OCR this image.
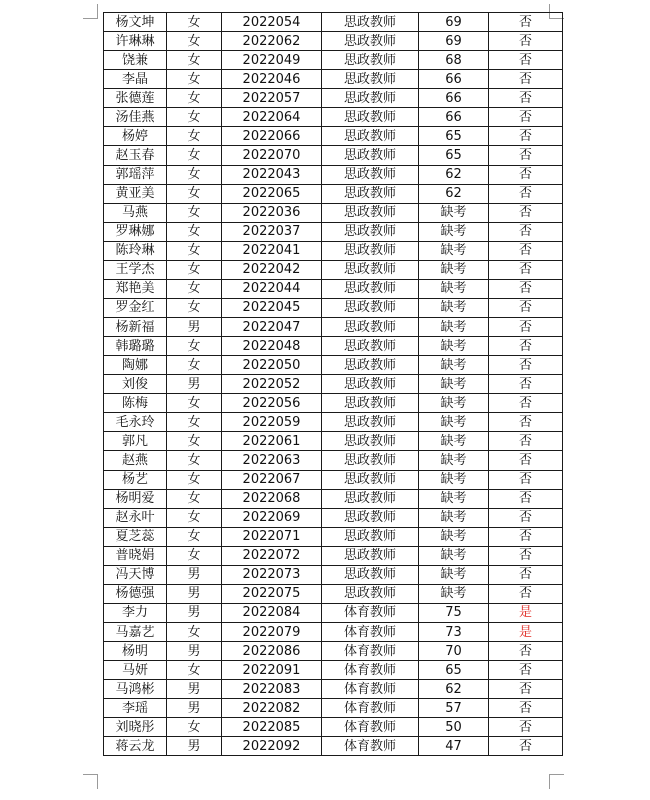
杨文坤	女	2022054	思政教师	69	否
许琳琳	女	2022062	思政教师	69	否
饶兼	女	2022049	思政教师	68	否
李晶	女	2022046	思政教师	66	否
张德莲	女	2022057	思政教师	66	否
汤佳燕	女	2022064	思政教师	66	否
杨婷	女	2022066	思政教师	65	否
赵玉春	女	2022070	思政教师	65	否
郭瑶萍	女	2022043	思政教师	62	否
黄亚美	女	2022065	思政教师	62	否
马燕	女	2022036	思政教师	缺考	否
罗琳娜	女	2022037	思政教师	缺考	否
陈玲琳	女	2022041	思政教师	缺考	否
王学杰	女	2022042	思政教师	缺考	否
郑艳美	女	2022044	思政教师	缺考	否
罗金红	女	2022045	思政教师	缺考	否
杨新福	男	2022047	思政教师	缺考	否
韩璐璐	女	2022048	思政教师	缺考	否
陶娜	女	2022050	思政教师	缺考	否
刘俊	男	2022052	思政教师	缺考	否
陈梅	女	2022056	思政教师	缺考	否
毛永玲	女	2022059	思政教师	缺考	否
郭凡	女	2022061	思政教师	缺考	否
赵燕	女	2022063	思政教师	缺考	否
杨艺	女	2022067	思政教师	缺考	否
杨明爱	女	2022068	思政教师	缺考	否
赵永叶	女	2022069	思政教师	缺考	否
夏芝蕊	女	2022071	思政教师	缺考	否
普晓娟	女	2022072	思政教师	缺考	否
冯天博	男	2022073	思政教师	缺考	否
杨德强	男	2022075	思政教师	缺考	否
李力	男	2022084	体育教师	75	是
马嘉艺	女	2022079	体育教师	73	是
杨明	男	2022086	体育教师	70	否
马妍	女	2022091	体育教师	65	否
马鸿彬	男	2022083	体育教师	62	否
李瑶	男	2022082	体育教师	57	否
刘晓彤	女	2022085	体育教师	50	否
蒋云龙	男	2022092	体育教师	47	否
